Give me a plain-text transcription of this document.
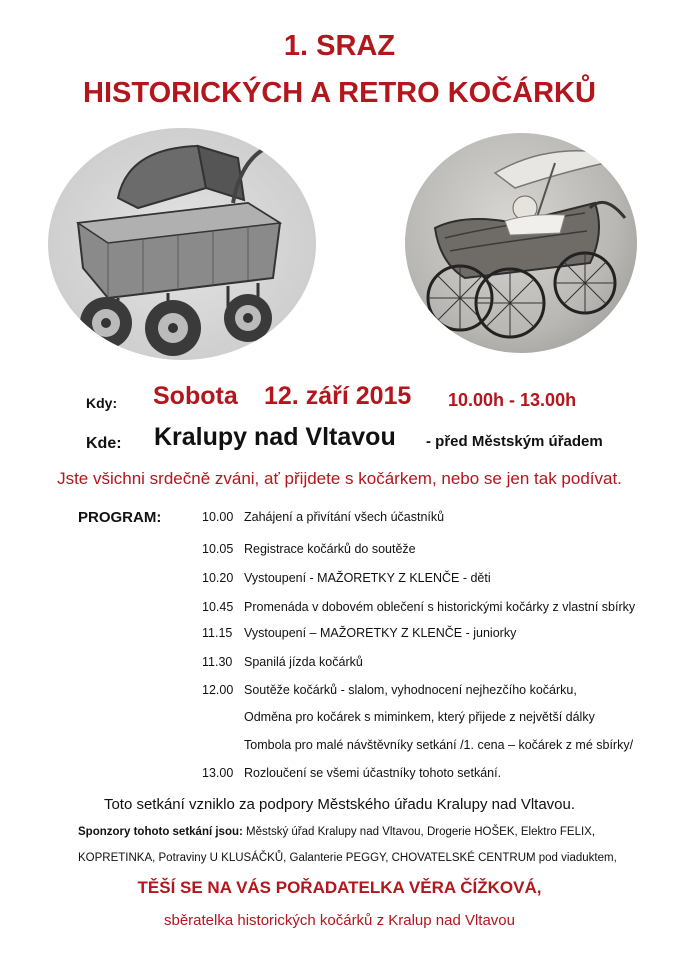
1. SRAZ
HISTORICKÝCH A RETRO KOČÁRKŮ
Kdy: Sobota 12. září 2015 10.00h - 13.00h
Kde: Kralupy nad Vltavou - před Městským úřadem
Jste všichni srdečně zváni, ať přijdete s kočárkem, nebo se jen tak podívat.
PROGRAM:	10.00 Zahájení a přivítání všech účastníků
10.05 Registrace kočárků do soutěže
10.20 Vystoupení - MAŽORETKY Z KLENČE - děti
10.45 Promenáda v dobovém oblečení s historickými kočárky z vlastní sbírky
11.15 Vystoupení – MAŽORETKY Z KLENČE - juniorky
11.30 Spanilá jízda kočárků
12.00 Soutěže kočárků - slalom, vyhodnocení nejhezčího kočárku,
Odměna pro kočárek s miminkem, který přijede z největší dálky
Tombola pro malé návštěvníky setkání /1. cena – kočárek z mé sbírky/
13.00 Rozloučení se všemi účastníky tohoto setkání.
Toto setkání vzniklo za podpory Městského úřadu Kralupy nad Vltavou.
Sponzory tohoto setkání jsou: Městský úřad Kralupy nad Vltavou, Drogerie HOŠEK, Elektro FELIX,
KOPRETINKA, Potraviny U KLUSÁČKŮ, Galanterie PEGGY, CHOVATELSKÉ CENTRUM pod viaduktem,
TĚŠÍ SE NA VÁS POŘADATELKA VĚRA ČÍŽKOVÁ,
sběratelka historických kočárků z Kralup nad Vltavou
